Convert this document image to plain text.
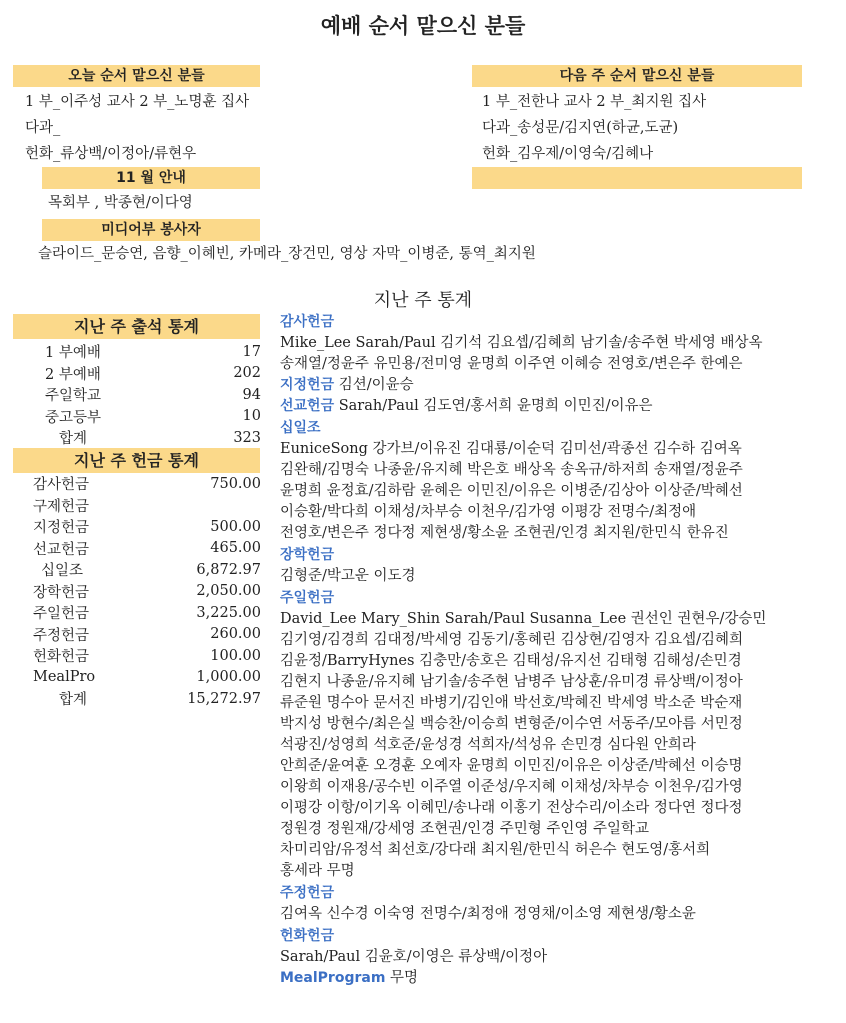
예배 순서 맡으신 분들
오늘 순서 맡으신 분들
1 부_이주성 교사 2 부_노명훈 집사
다과_
헌화_류상백/이정아/류현우
다음 주 순서 맡으신 분들
1 부_전한나 교사 2 부_최지원 집사
다과_송성문/김지연(하균,도균)
헌화_김우제/이영숙/김혜나
11 월 안내
목회부 , 박종현/이다영
미디어부 봉사자
슬라이드_문승연, 음향_이혜빈, 카메라_장건민, 영상 자막_이병준, 통역_최지원
지난 주 통계
지난 주 출석 통계
1 부예배	17
2 부예배	202
주일학교	94
중고등부	10
합계	323
지난 주 헌금 통계
감사헌금	750.00
구제헌금	
지정헌금	500.00
선교헌금	465.00
십일조	6,872.97
장학헌금	2,050.00
주일헌금	3,225.00
주정헌금	260.00
헌화헌금	100.00
MealPro	1,000.00
합계	15,272.97
감사헌금
Mike_Lee Sarah/Paul 김기석 김요셉/김혜희 남기솔/송주현 박세영 배상옥
송재열/정윤주 유민용/전미영 윤명희 이주연 이혜승 전영호/변은주 한예은
지정헌금 김션/이윤승
선교헌금 Sarah/Paul 김도연/홍서희 윤명희 이민진/이유은
십일조
EuniceSong 강가브/이유진 김대룡/이순덕 김미선/곽종선 김수하 김여옥
김완해/김명숙 나종윤/유지혜 박은호 배상옥 송옥규/하저희 송재열/정윤주
윤명희 윤정효/김하람 윤혜은 이민진/이유은 이병준/김상아 이상준/박혜선
이승환/박다희 이채성/차부승 이천우/김가영 이평강 전명수/최정애
전영호/변은주 정다정 제현생/황소윤 조현권/인경 최지원/한민식 한유진
장학헌금
김형준/박고운 이도경
주일헌금
David_Lee Mary_Shin Sarah/Paul Susanna_Lee 권선인 권현우/강승민
김기영/김경희 김대정/박세영 김동기/홍혜린 김상현/김영자 김요셉/김혜희
김윤정/BarryHynes 김충만/송호은 김태성/유지선 김태형 김해성/손민경
김현지 나종윤/유지혜 남기솔/송주현 남병주 남상훈/유미경 류상백/이정아
류준원 명수아 문서진 바병기/김인애 박선호/박혜진 박세영 박소준 박순재
박지성 방현수/최은실 백승찬/이승희 변형준/이수연 서동주/모아름 서민정
석광진/성영희 석호준/윤성경 석희자/석성유 손민경 심다원 안희라
안희준/윤여훈 오경훈 오예자 윤명희 이민진/이유은 이상준/박혜선 이승명
이왕희 이재용/공수빈 이주열 이준성/우지혜 이채성/차부승 이천우/김가영
이평강 이항/이기옥 이혜민/송나래 이홍기 전상수리/이소라 정다연 정다정
정원경 정원재/강세영 조현권/인경 주민형 주인영 주일학교
차미리암/유정석 최선호/강다래 최지원/한민식 허은수 현도영/홍서희
홍세라 무명
주정헌금
김여옥 신수경 이숙영 전명수/최정애 정영채/이소영 제현생/황소윤
헌화헌금
Sarah/Paul 김윤호/이영은 류상백/이정아
MealProgram 무명
